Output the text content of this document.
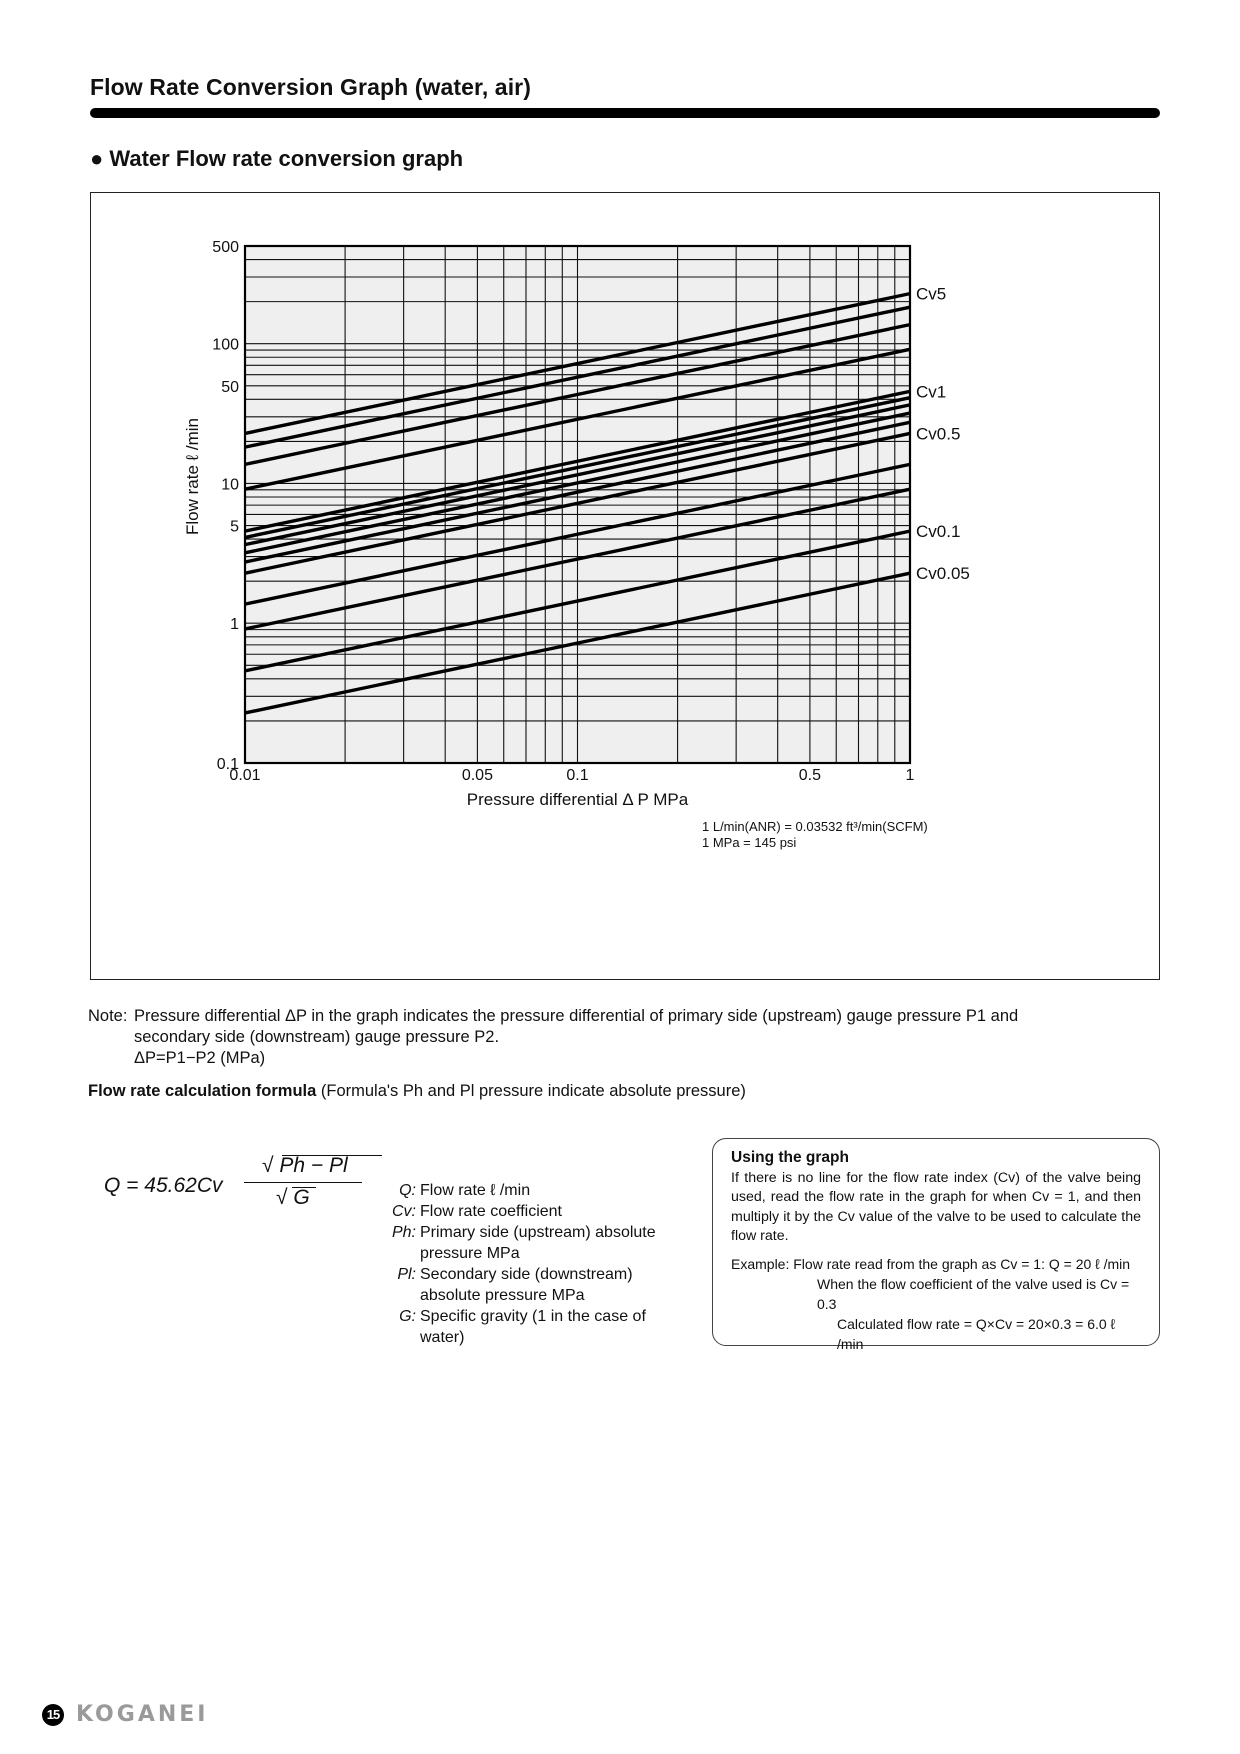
Flow Rate Conversion Graph (water, air)
● Water Flow rate conversion graph
Cv5
Cv1
Cv0.5
Cv0.1
Cv0.05
0.1
1
5
10
50
100
500
0.01	0.05	0.1	0.5	1
Pressure differential Δ P MPa
Flow rate ℓ /min
1 L/min(ANR) = 0.03532 ft³/min(SCFM)
1 MPa = 145 psi
Note: Pressure differential ΔP in the graph indicates the pressure differential of primary side (upstream) gauge pressure P1 and
secondary side (downstream) gauge pressure P2.
ΔP=P1−P2 (MPa)
Flow rate calculation formula (Formula's Ph and Pl pressure indicate absolute pressure)
Q = 45.62Cv
√ Ph − Pl
√ G	Q: Flow rate ℓ /min
Cv: Flow rate coefficient
Ph: Primary side (upstream) absolute pressure MPa
Pl: Secondary side (downstream) absolute pressure MPa
G: Specific gravity (1 in the case of water)
Using the graph
If there is no line for the flow rate index (Cv) of the valve being used, read the flow rate in the graph for when Cv = 1, and then multiply it by the Cv value of the valve to be used to calculate the flow rate.
Example: Flow rate read from the graph as Cv = 1: Q = 20 ℓ /min
When the flow coefficient of the valve used is Cv = 0.3
Calculated flow rate = Q×Cv = 20×0.3 = 6.0 ℓ /min
15 KOGANEI
